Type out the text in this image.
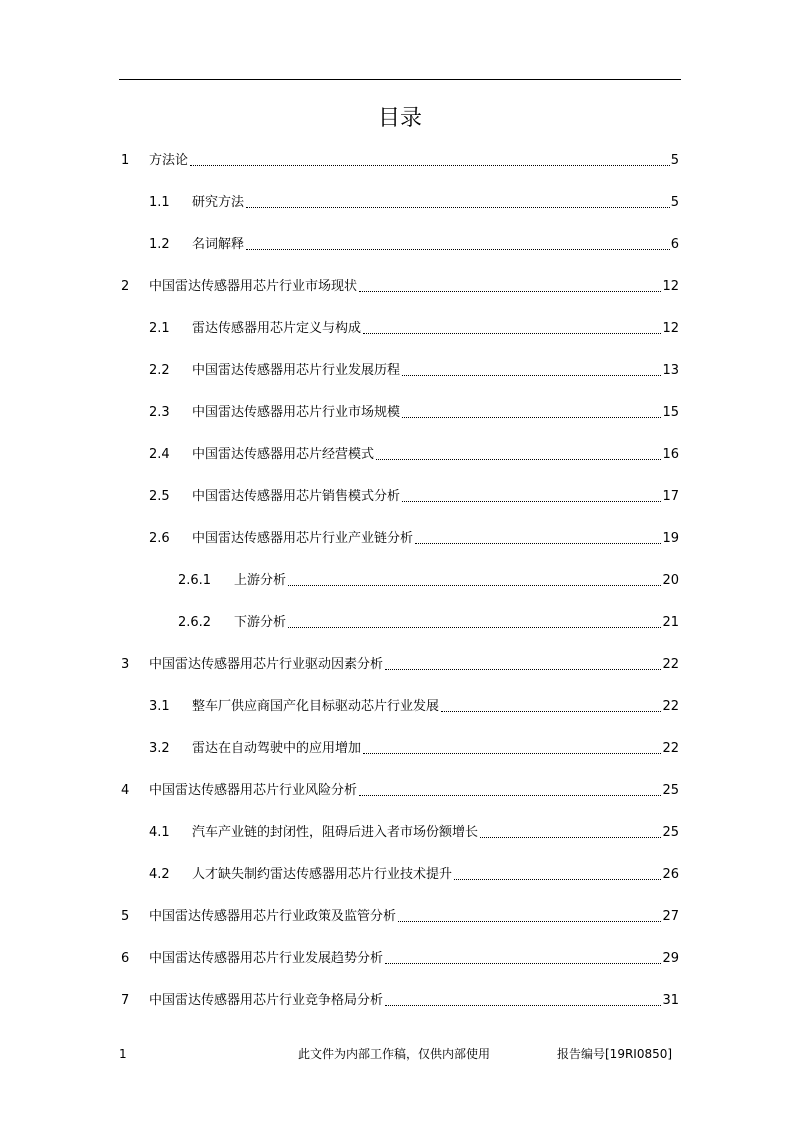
目录
1	方法论	5
1.1	研究方法	5
1.2	名词解释	6
2	中国雷达传感器用芯片行业市场现状	12
2.1	雷达传感器用芯片定义与构成	12
2.2	中国雷达传感器用芯片行业发展历程	13
2.3	中国雷达传感器用芯片行业市场规模	15
2.4	中国雷达传感器用芯片经营模式	16
2.5	中国雷达传感器用芯片销售模式分析	17
2.6	中国雷达传感器用芯片行业产业链分析	19
2.6.1	上游分析	20
2.6.2	下游分析	21
3	中国雷达传感器用芯片行业驱动因素分析	22
3.1	整车厂供应商国产化目标驱动芯片行业发展	22
3.2	雷达在自动驾驶中的应用增加	22
4	中国雷达传感器用芯片行业风险分析	25
4.1	汽车产业链的封闭性，阻碍后进入者市场份额增长	25
4.2	人才缺失制约雷达传感器用芯片行业技术提升	26
5	中国雷达传感器用芯片行业政策及监管分析	27
6	中国雷达传感器用芯片行业发展趋势分析	29
7	中国雷达传感器用芯片行业竞争格局分析	31
1	此文件为内部工作稿，仅供内部使用	报告编号[19RI0850]
